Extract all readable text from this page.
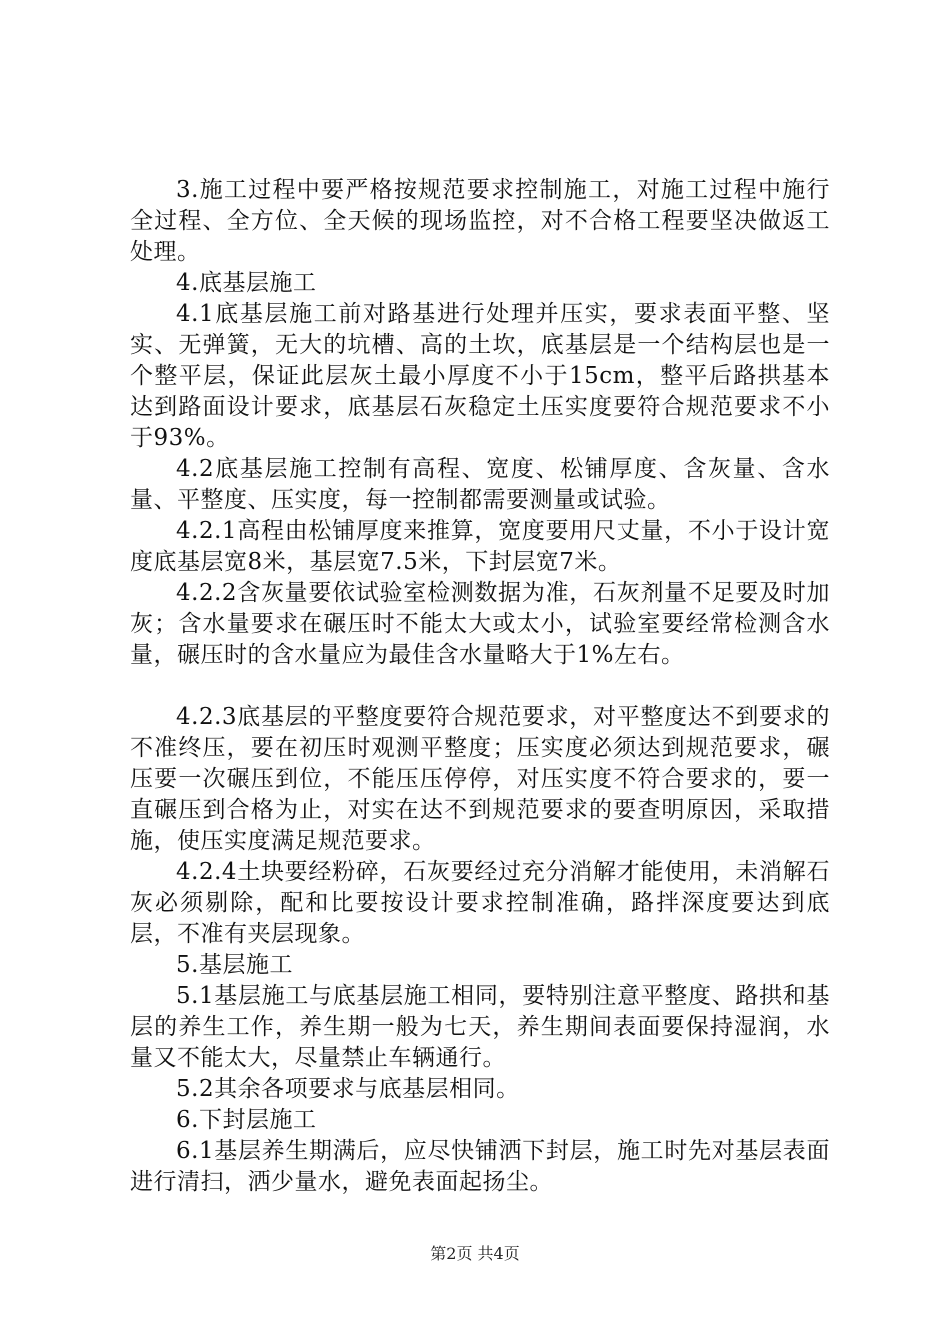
3.施工过程中要严格按规范要求控制施工，对施工过程中施行全过程、全方位、全天候的现场监控，对不合格工程要坚决做返工处理。

4.底基层施工

4.1底基层施工前对路基进行处理并压实，要求表面平整、坚实、无弹簧，无大的坑槽、高的土坎，底基层是一个结构层也是一个整平层，保证此层灰土最小厚度不小于15cm，整平后路拱基本达到路面设计要求，底基层石灰稳定土压实度要符合规范要求不小于93%。

4.2底基层施工控制有高程、宽度、松铺厚度、含灰量、含水量、平整度、压实度，每一控制都需要测量或试验。

4.2.1高程由松铺厚度来推算，宽度要用尺丈量，不小于设计宽度底基层宽8米，基层宽7.5米，下封层宽7米。

4.2.2含灰量要依试验室检测数据为准，石灰剂量不足要及时加灰；含水量要求在碾压时不能太大或太小，试验室要经常检测含水量，碾压时的含水量应为最佳含水量略大于1%左右。

4.2.3底基层的平整度要符合规范要求，对平整度达不到要求的不准终压，要在初压时观测平整度；压实度必须达到规范要求，碾压要一次碾压到位，不能压压停停，对压实度不符合要求的，要一直碾压到合格为止，对实在达不到规范要求的要查明原因，采取措施，使压实度满足规范要求。

4.2.4土块要经粉碎，石灰要经过充分消解才能使用，未消解石灰必须剔除，配和比要按设计要求控制准确，路拌深度要达到底层，不准有夹层现象。

5.基层施工

5.1基层施工与底基层施工相同，要特别注意平整度、路拱和基层的养生工作，养生期一般为七天，养生期间表面要保持湿润，水量又不能太大，尽量禁止车辆通行。

5.2其余各项要求与底基层相同。

6.下封层施工

6.1基层养生期满后，应尽快铺洒下封层，施工时先对基层表面进行清扫，洒少量水，避免表面起扬尘。

第2页 共4页
